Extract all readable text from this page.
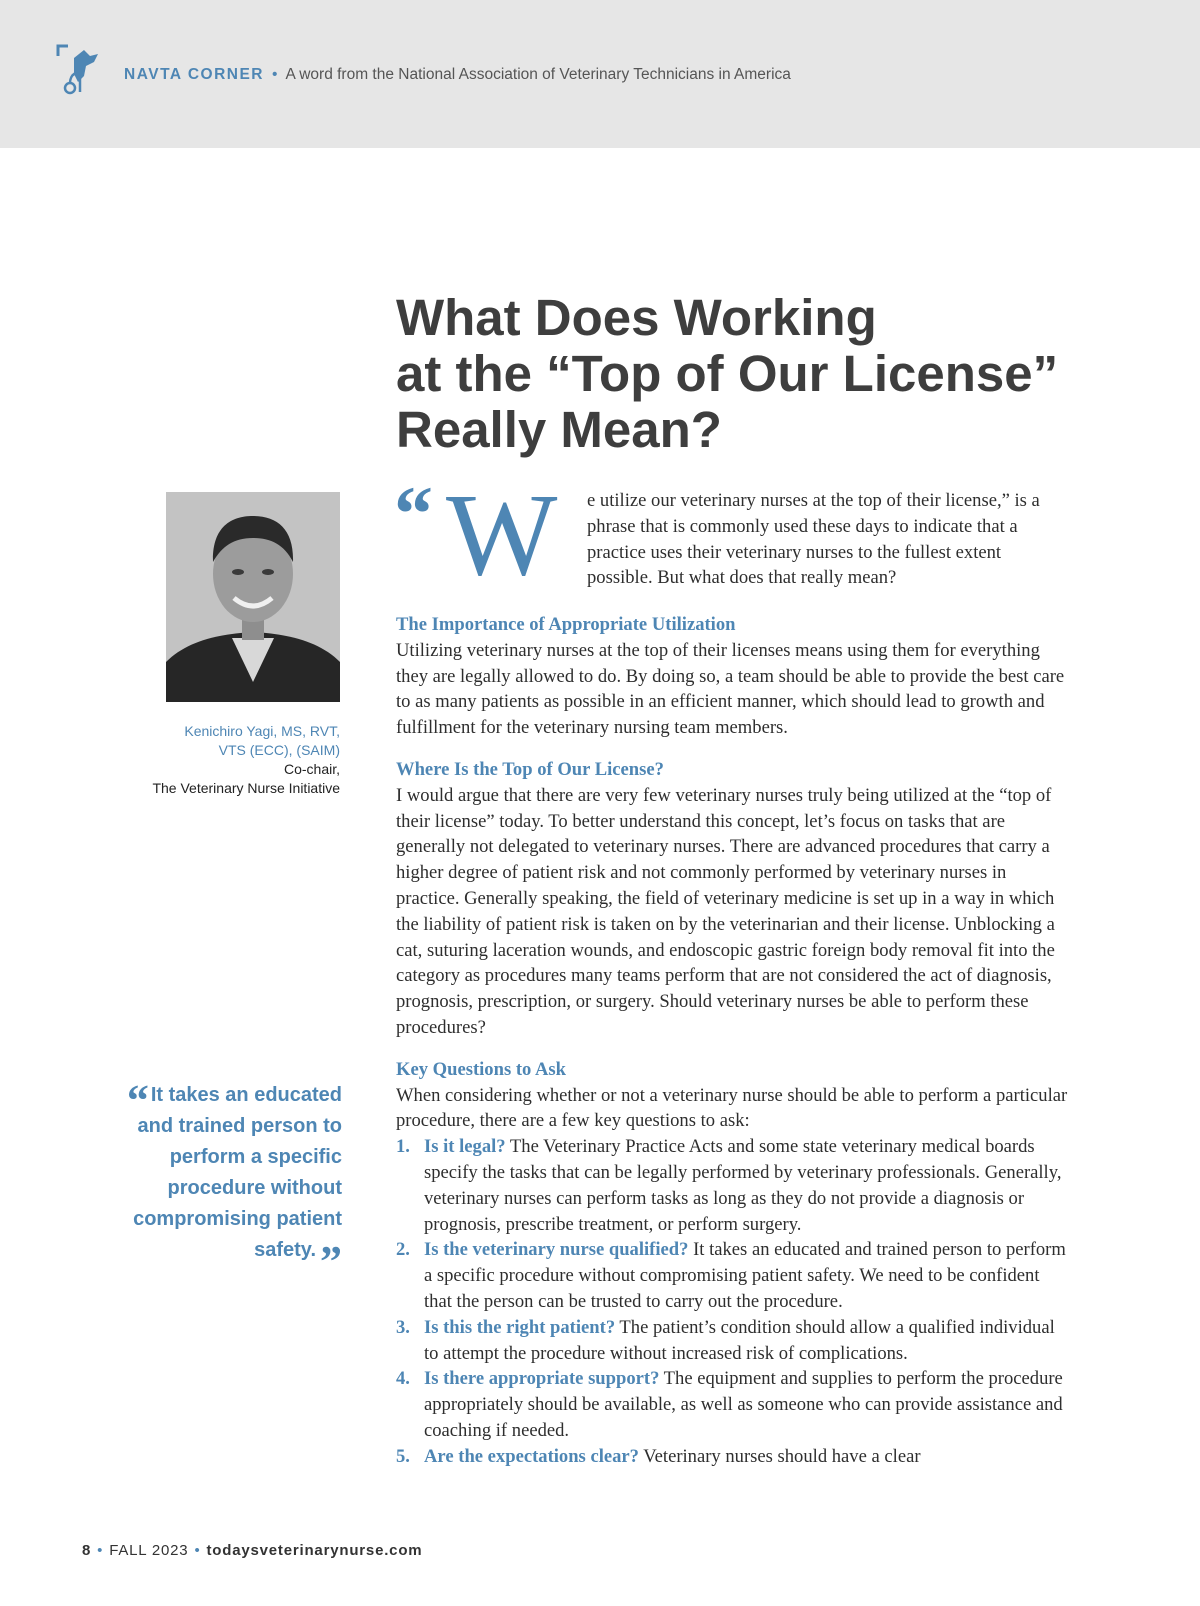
NAVTA CORNER • A word from the National Association of Veterinary Technicians in America
What Does Working
at the “Top of Our License”
Really Mean?
Kenichiro Yagi, MS, RVT,
VTS (ECC), (SAIM)
Co-chair,
The Veterinary Nurse Initiative
“ It takes an educated and trained person to perform a specific procedure without compromising patient safety.”
“ W e utilize our veterinary nurses at the top of their license,” is a phrase that is commonly used these days to indicate that a practice uses their veterinary nurses to the fullest extent possible. But what does that really mean?
The Importance of Appropriate Utilization

Utilizing veterinary nurses at the top of their licenses means using them for everything they are legally allowed to do. By doing so, a team should be able to provide the best care to as many patients as possible in an efficient manner, which should lead to growth and fulfillment for the veterinary nursing team members.

Where Is the Top of Our License?

I would argue that there are very few veterinary nurses truly being utilized at the “top of their license” today. To better understand this concept, let’s focus on tasks that are generally not delegated to veterinary nurses. There are advanced procedures that carry a higher degree of patient risk and not commonly performed by veterinary nurses in practice. Generally speaking, the field of veterinary medicine is set up in a way in which the liability of patient risk is taken on by the veterinarian and their license. Unblocking a cat, suturing laceration wounds, and endoscopic gastric foreign body removal fit into the category as procedures many teams perform that are not considered the act of diagnosis, prognosis, prescription, or surgery. Should veterinary nurses be able to perform these procedures?

Key Questions to Ask

When considering whether or not a veterinary nurse should be able to perform a particular procedure, there are a few key questions to ask:

1. Is it legal? The Veterinary Practice Acts and some state veterinary medical boards specify the tasks that can be legally performed by veterinary professionals. Generally, veterinary nurses can perform tasks as long as they do not provide a diagnosis or prognosis, prescribe treatment, or perform surgery.
2. Is the veterinary nurse qualified? It takes an educated and trained person to perform a specific procedure without compromising patient safety. We need to be confident that the person can be trusted to carry out the procedure.
3. Is this the right patient? The patient’s condition should allow a qualified individual to attempt the procedure without increased risk of complications.
4. Is there appropriate support? The equipment and supplies to perform the procedure appropriately should be available, as well as someone who can provide assistance and coaching if needed.
5. Are the expectations clear? Veterinary nurses should have a clear
8 • FALL 2023 • todaysveterinarynurse.com
